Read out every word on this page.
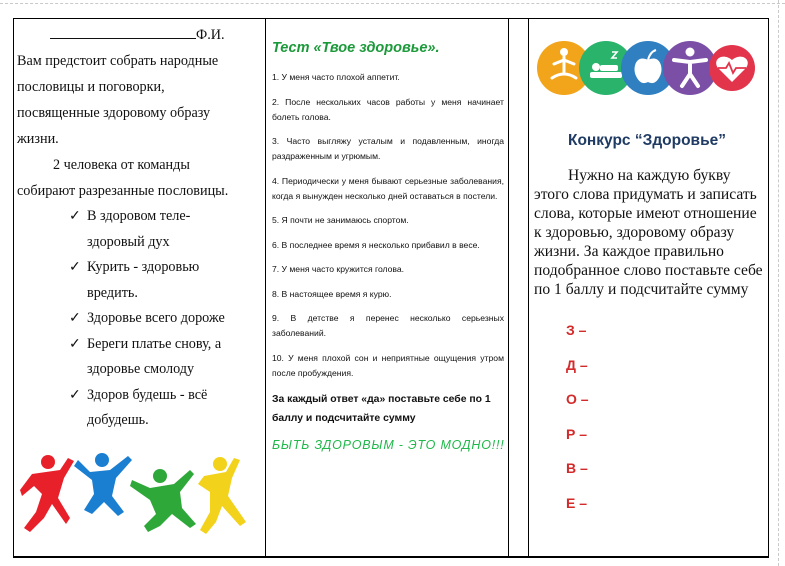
Ф.И.
Вам предстоит собрать народные пословицы и поговорки, посвященные здоровому образу жизни.
2 человека от команды собирают разрезанные пословицы.
✓ В здоровом теле- здоровый дух
✓ Курить - здоровью вредить.
✓ Здоровье всего дороже
✓ Береги платье снову, а здоровье смолоду
✓ Здоров будешь - всё добудешь.
Тест «Твое здоровье».
1. У меня часто плохой аппетит.
2. После нескольких часов работы у меня начинает болеть голова.
3. Часто выгляжу усталым и подавленным, иногда раздраженным и угрюмым.
4. Периодически у меня бывают серьезные заболевания, когда я вынужден несколько дней оставаться в постели.
5. Я почти не занимаюсь спортом.
6. В последнее время я несколько прибавил в весе.
7. У меня часто кружится голова.
8. В настоящее время я курю.
9. В детстве я перенес несколько серьезных заболеваний.
10. У меня плохой сон и неприятные ощущения утром после пробуждения.
За каждый ответ «да» поставьте себе по 1 баллу и подсчитайте сумму
БЫТЬ ЗДОРОВЫМ - ЭТО МОДНО!!!
Конкурс “Здоровье”
Нужно на каждую букву этого слова придумать и записать слова, которые имеют отношение к здоровью, здоровому образу жизни. За каждое правильно подобранное слово поставьте себе по 1 баллу и подсчитайте сумму
З –
Д –
О –
Р –
В –
Е –
